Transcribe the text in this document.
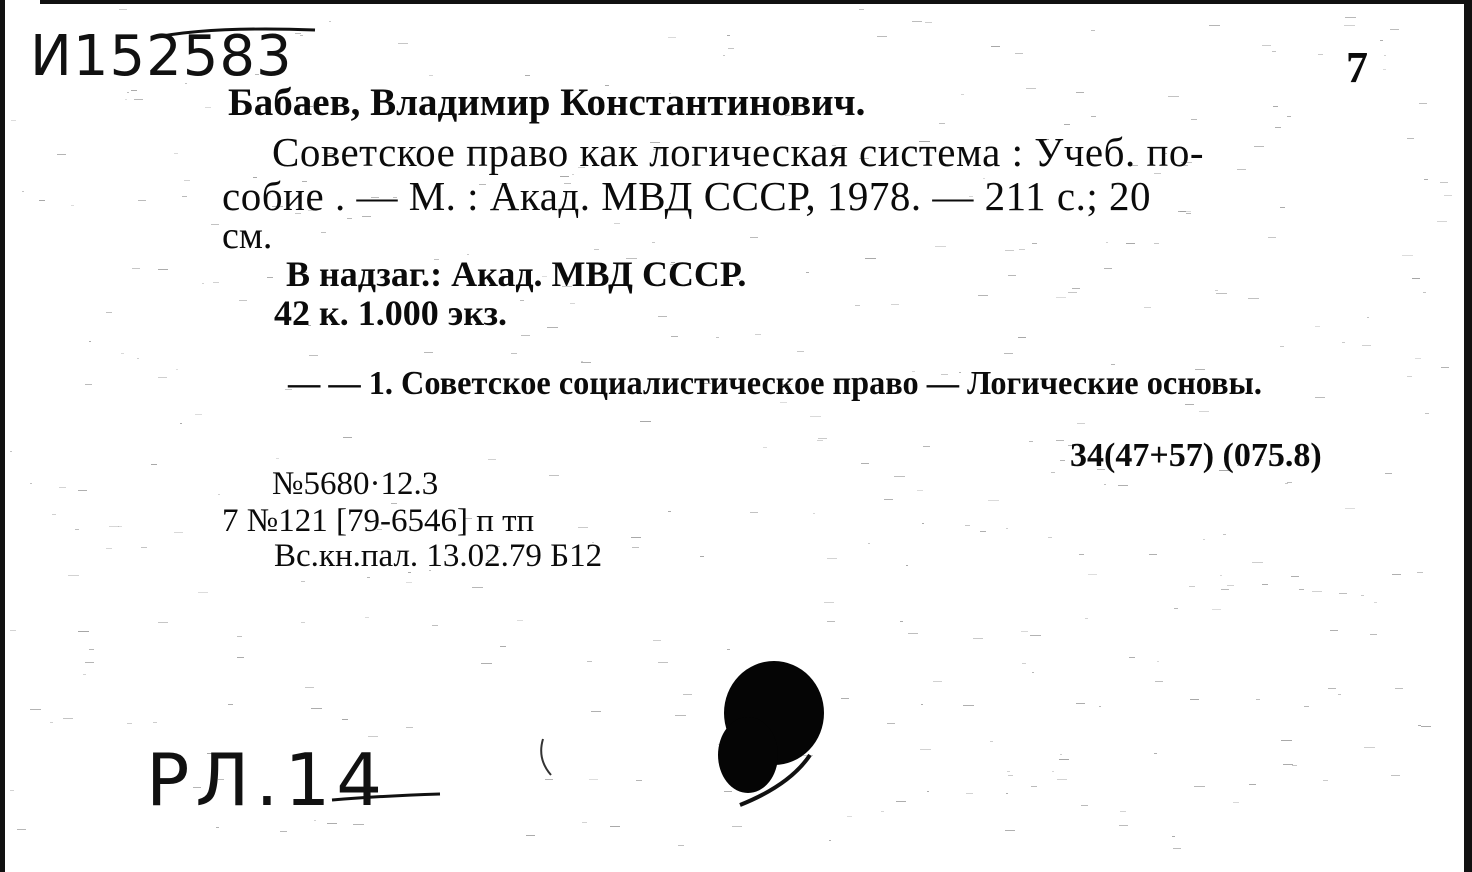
И152583	7
Бабаев, Владимир Константинович.
Советское право как логическая система : Учеб. по-
собие . — М. : Акад. МВД СССР, 1978. — 211 с.; 20
см.
В надзаг.: Акад. МВД СССР.
42 к. 1.000 экз.
— — 1. Советское социалистическое право — Логические основы.
34(47+57) (075.8)
№5680·12.3
7 №121 [79-6546] п тп
Вс.кн.пал. 13.02.79 Б12
РЛ.14
